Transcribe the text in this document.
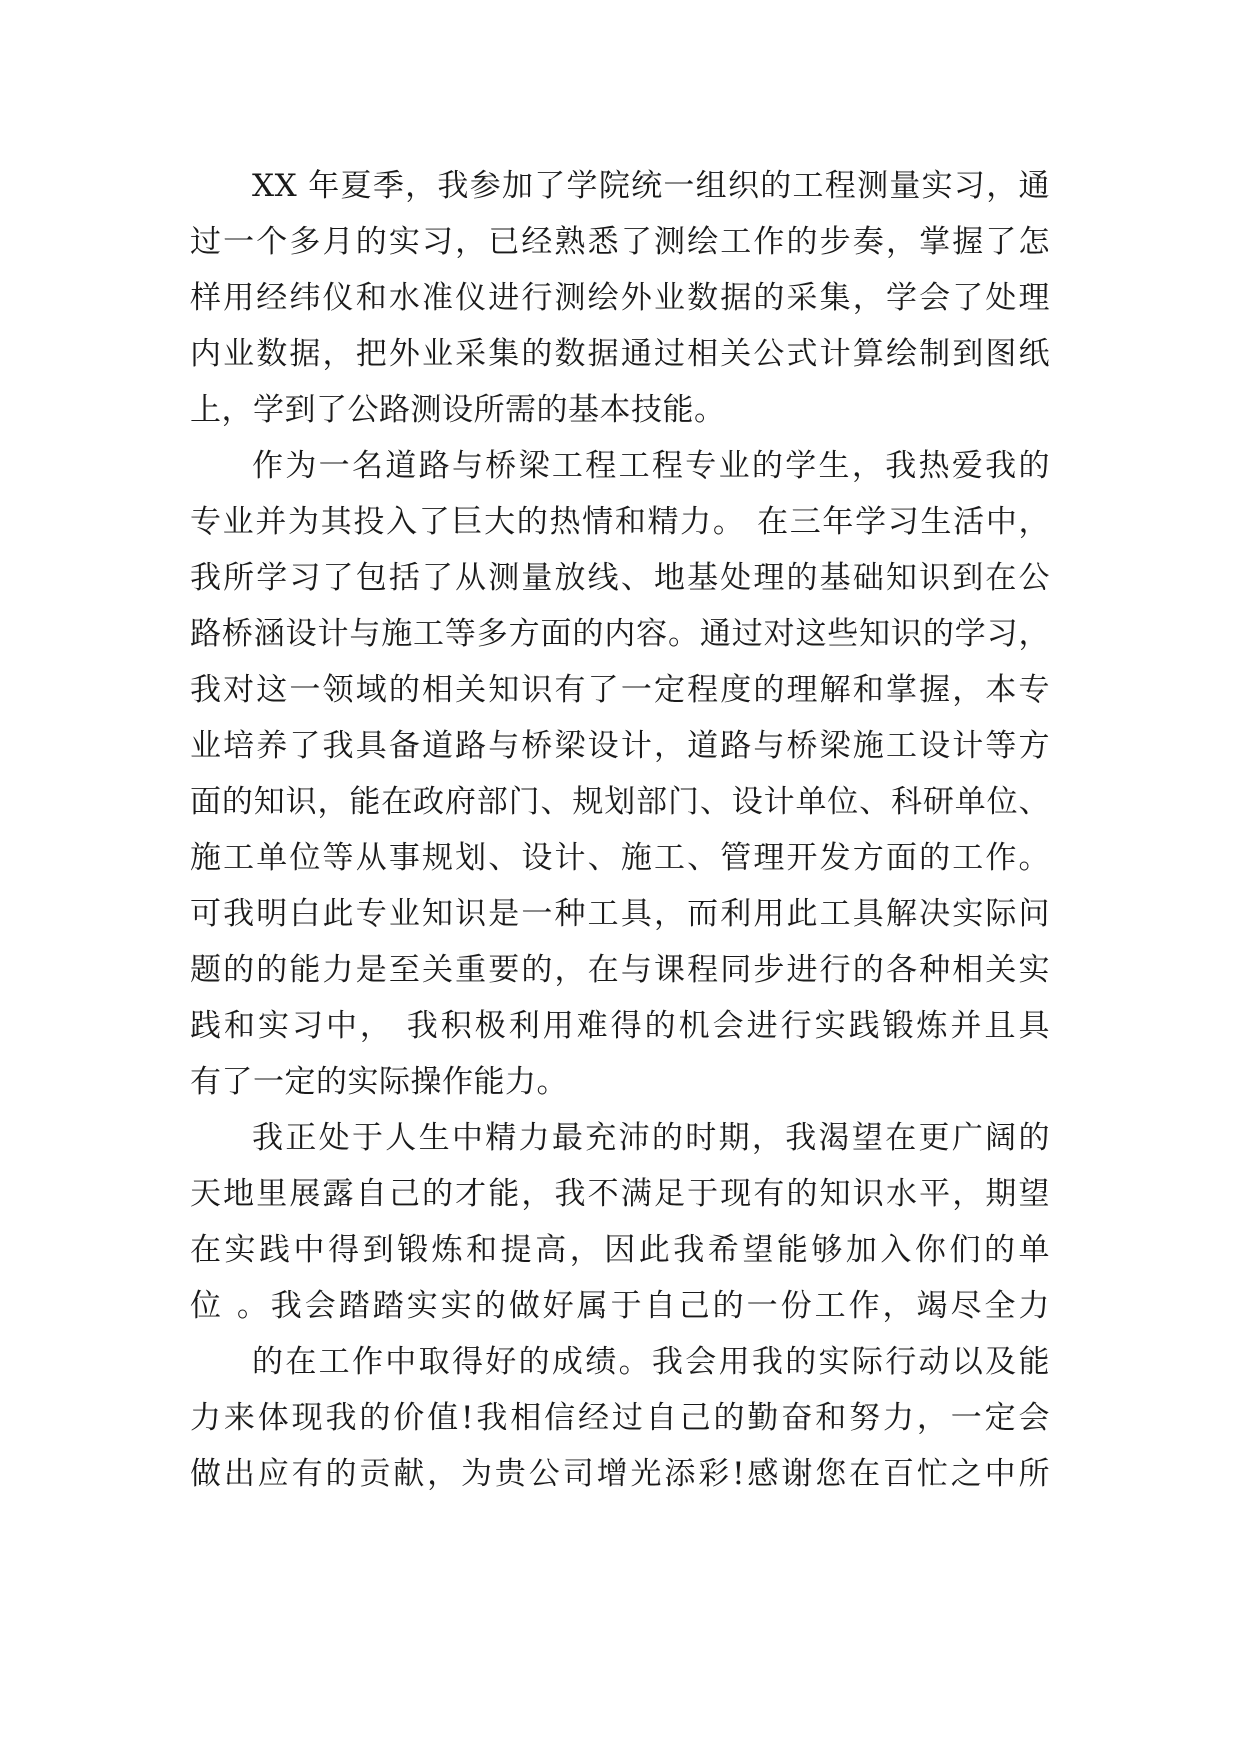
XX 年夏季，我参加了学院统一组织的工程测量实习，通

过一个多月的实习，已经熟悉了测绘工作的步奏，掌握了怎

样用经纬仪和水准仪进行测绘外业数据的采集，学会了处理

内业数据，把外业采集的数据通过相关公式计算绘制到图纸

上，学到了公路测设所需的基本技能。

作为一名道路与桥梁工程工程专业的学生，我热爱我的

专业并为其投入了巨大的热情和精力。 在三年学习生活中，

我所学习了包括了从测量放线、地基处理的基础知识到在公

路桥涵设计与施工等多方面的内容。通过对这些知识的学习，

我对这一领域的相关知识有了一定程度的理解和掌握，本专

业培养了我具备道路与桥梁设计，道路与桥梁施工设计等方

面的知识，能在政府部门、规划部门、设计单位、科研单位、

施工单位等从事规划、设计、施工、管理开发方面的工作。

可我明白此专业知识是一种工具，而利用此工具解决实际问

题的的能力是至关重要的，在与课程同步进行的各种相关实

践和实习中， 我积极利用难得的机会进行实践锻炼并且具

有了一定的实际操作能力。

我正处于人生中精力最充沛的时期，我渴望在更广阔的

天地里展露自己的才能，我不满足于现有的知识水平，期望

在实践中得到锻炼和提高，因此我希望能够加入你们的单

位 。我会踏踏实实的做好属于自己的一份工作，竭尽全力

的在工作中取得好的成绩。我会用我的实际行动以及能

力来体现我的价值!我相信经过自己的勤奋和努力，一定会

做出应有的贡献，为贵公司增光添彩!感谢您在百忙之中所
